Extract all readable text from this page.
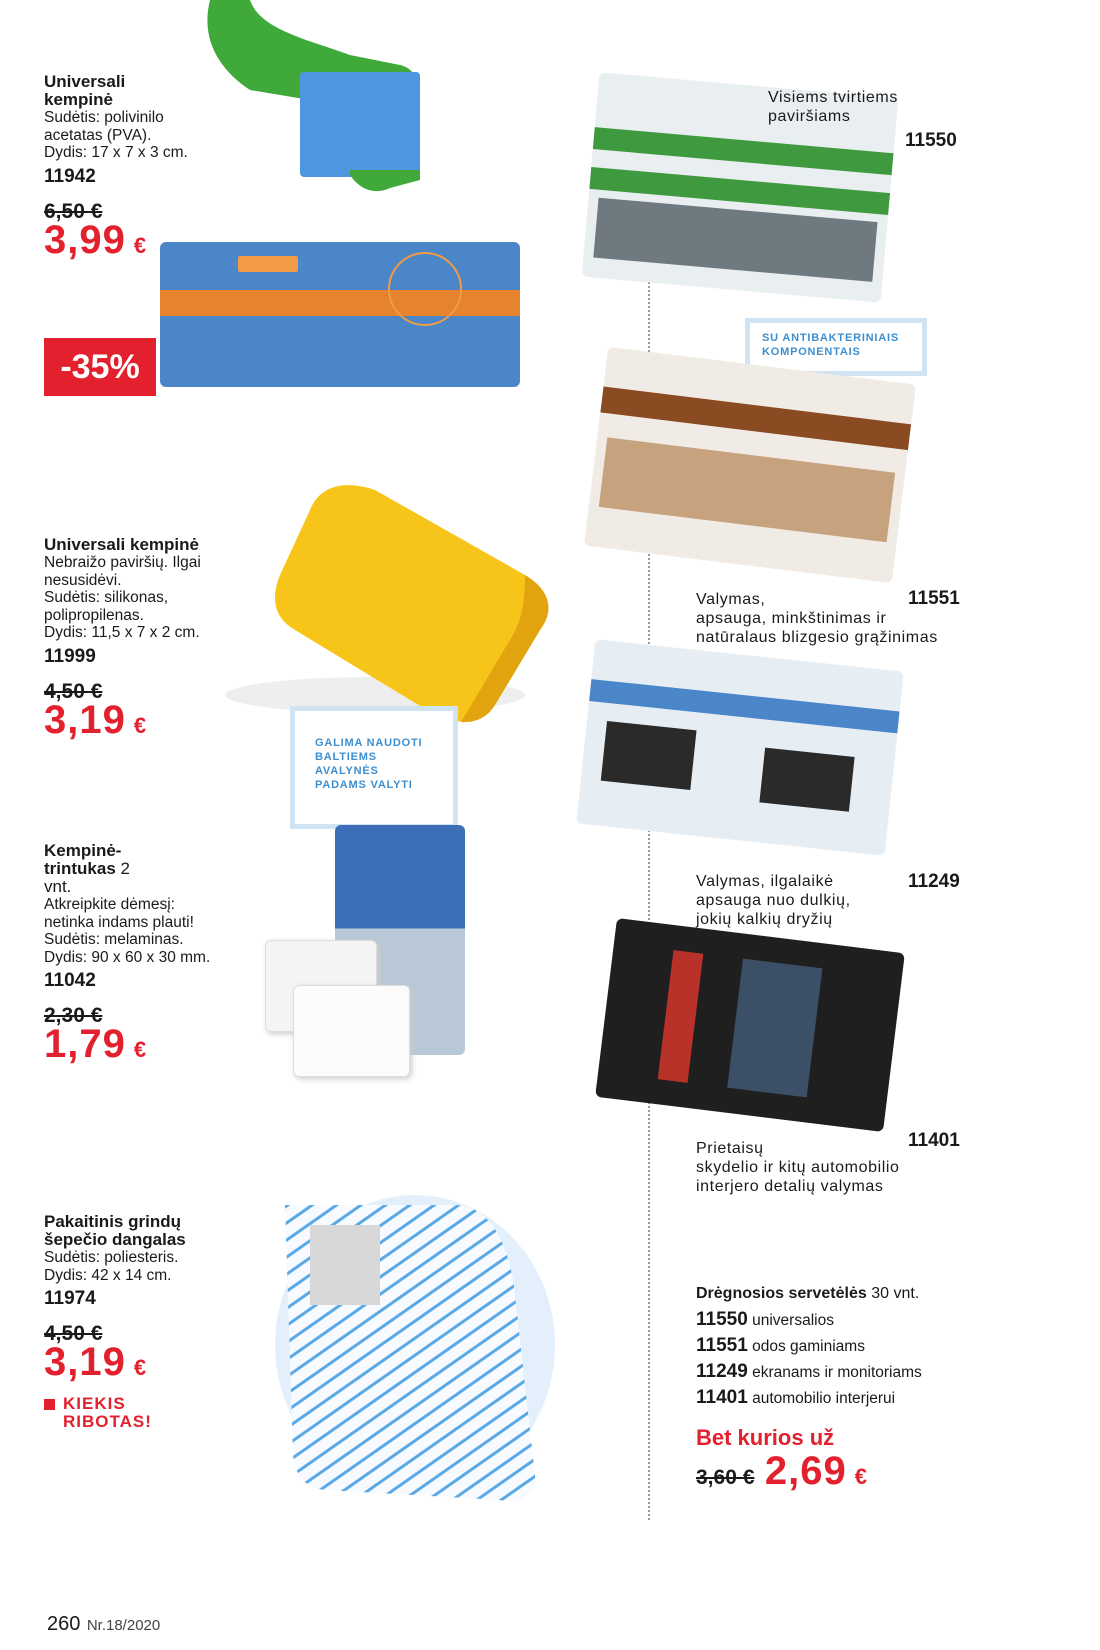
Universali kempinė
Sudėtis: polivinilo acetatas (PVA).
Dydis: 17 x 7 x 3 cm.
11942
6,50 €
3,99 €
-35%
Universali kempinė
Nebraižo paviršių. Ilgai nesusidėvi.
Sudėtis: silikonas, polipropilenas.
Dydis: 11,5 x 7 x 2 cm.
11999
4,50 €
3,19 €
GALIMA NAUDOTI BALTIEMS AVALYNĖS PADAMS VALYTI
Kempinė-trintukas 2 vnt.
Atkreipkite dėmesį: netinka indams plauti!
Sudėtis: melaminas.
Dydis: 90 x 60 x 30 mm.
11042
2,30 €
1,79 €
Pakaitinis grindų šepečio dangalas
Sudėtis: poliesteris.
Dydis: 42 x 14 cm.
11974
4,50 €
3,19 €
KIEKIS RIBOTAS!
Visiems tvirtiems paviršiams
11550
SU ANTIBAKTERINIAIS KOMPONENTAIS
11551
Valymas,
apsauga, minkštinimas ir
natūralaus blizgesio grąžinimas
Valymas, ilgalaikė
apsauga nuo dulkių,
jokių kalkių dryžių
11249
11401
Prietaisų
skydelio ir kitų automobilio
interjero detalių valymas
Drėgnosios servetėlės 30 vnt.
11550 universalios
11551 odos gaminiams
11249 ekranams ir monitoriams
11401 automobilio interjerui
Bet kurios už
3,60 € 2,69 €
260 Nr.18/2020
